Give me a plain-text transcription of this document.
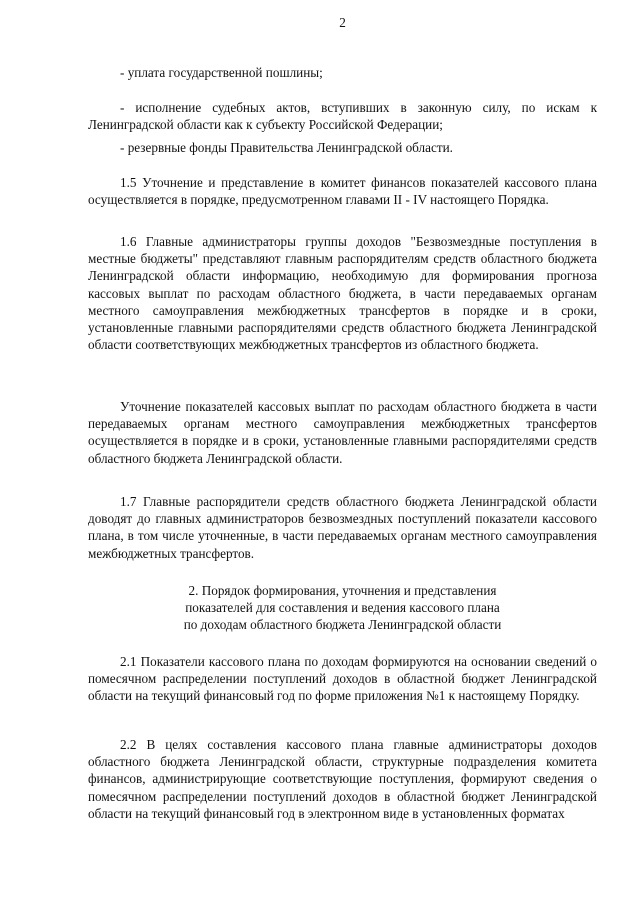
2

- уплата государственной пошлины;

- исполнение судебных актов, вступивших в законную силу, по искам к Ленинградской области как к субъекту Российской Федерации;

- резервные фонды Правительства Ленинградской области.

1.5 Уточнение и представление в комитет финансов показателей кассового плана осуществляется в порядке, предусмотренном главами II - IV настоящего Порядка.

1.6 Главные администраторы группы доходов "Безвозмездные поступления в местные бюджеты" представляют главным распорядителям средств областного бюджета Ленинградской области информацию, необходимую для формирования прогноза кассовых выплат по расходам областного бюджета, в части передаваемых органам местного самоуправления межбюджетных трансфертов в порядке и в сроки, установленные главными распорядителями средств областного бюджета Ленинградской области соответствующих межбюджетных трансфертов из областного бюджета.

Уточнение показателей кассовых выплат по расходам областного бюджета в части передаваемых органам местного самоуправления межбюджетных трансфертов осуществляется в порядке и в сроки, установленные главными распорядителями средств областного бюджета Ленинградской области.

1.7 Главные распорядители средств областного бюджета Ленинградской области доводят до главных администраторов безвозмездных поступлений показатели кассового плана, в том числе уточненные, в части передаваемых органам местного самоуправления межбюджетных трансфертов.

2. Порядок формирования, уточнения и представления
показателей для составления и ведения кассового плана
по доходам областного бюджета Ленинградской области

2.1 Показатели кассового плана по доходам формируются на основании сведений о помесячном распределении поступлений доходов в областной бюджет Ленинградской области на текущий финансовый год по форме приложения №1 к настоящему Порядку.

2.2 В целях составления кассового плана главные администраторы доходов областного бюджета Ленинградской области, структурные подразделения комитета финансов, администрирующие соответствующие поступления, формируют сведения о помесячном распределении поступлений доходов в областной бюджет Ленинградской области на текущий финансовый год в электронном виде в установленных форматах
